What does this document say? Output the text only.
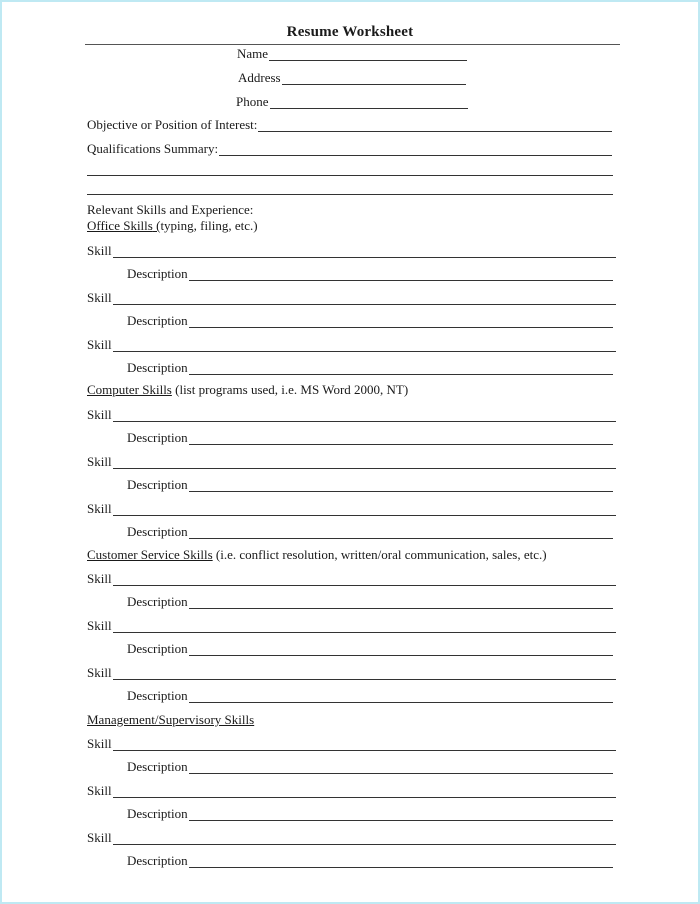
Resume Worksheet
Name
Address
Phone
Objective or Position of Interest:
Qualifications Summary:
Relevant Skills and Experience:
Office Skills (typing, filing, etc.)
Skill
Description
Skill
Description
Skill
Description
Computer Skills (list programs used, i.e. MS Word 2000, NT)
Skill
Description
Skill
Description
Skill
Description
Customer Service Skills (i.e. conflict resolution, written/oral communication, sales, etc.)
Skill
Description
Skill
Description
Skill
Description
Management/Supervisory Skills
Skill
Description
Skill
Description
Skill
Description
